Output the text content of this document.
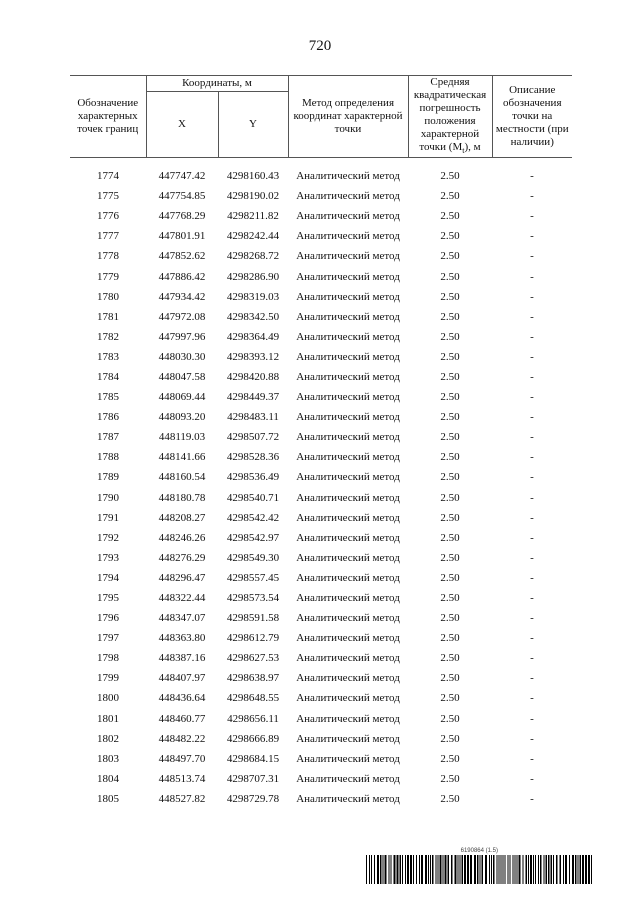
720
Обозначение характерных точек границ	Координаты, м		Метод определения координат характерной точки	Средняя квадратическая погрешность положения характерной точки $(M_t)$, м	Описание обозначения точки на местности (при наличии)
	X	Y			
1774	447747.42	4298160.43	Аналитический метод	2.50	-
1775	447754.85	4298190.02	Аналитический метод	2.50	-
1776	447768.29	4298211.82	Аналитический метод	2.50	-
1777	447801.91	4298242.44	Аналитический метод	2.50	-
1778	447852.62	4298268.72	Аналитический метод	2.50	-
1779	447886.42	4298286.90	Аналитический метод	2.50	-
1780	447934.42	4298319.03	Аналитический метод	2.50	-
1781	447972.08	4298342.50	Аналитический метод	2.50	-
1782	447997.96	4298364.49	Аналитический метод	2.50	-
1783	448030.30	4298393.12	Аналитический метод	2.50	-
1784	448047.58	4298420.88	Аналитический метод	2.50	-
1785	448069.44	4298449.37	Аналитический метод	2.50	-
1786	448093.20	4298483.11	Аналитический метод	2.50	-
1787	448119.03	4298507.72	Аналитический метод	2.50	-
1788	448141.66	4298528.36	Аналитический метод	2.50	-
1789	448160.54	4298536.49	Аналитический метод	2.50	-
1790	448180.78	4298540.71	Аналитический метод	2.50	-
1791	448208.27	4298542.42	Аналитический метод	2.50	-
1792	448246.26	4298542.97	Аналитический метод	2.50	-
1793	448276.29	4298549.30	Аналитический метод	2.50	-
1794	448296.47	4298557.45	Аналитический метод	2.50	-
1795	448322.44	4298573.54	Аналитический метод	2.50	-
1796	448347.07	4298591.58	Аналитический метод	2.50	-
1797	448363.80	4298612.79	Аналитический метод	2.50	-
1798	448387.16	4298627.53	Аналитический метод	2.50	-
1799	448407.97	4298638.97	Аналитический метод	2.50	-
1800	448436.64	4298648.55	Аналитический метод	2.50	-
1801	448460.77	4298656.11	Аналитический метод	2.50	-
1802	448482.22	4298666.89	Аналитический метод	2.50	-
1803	448497.70	4298684.15	Аналитический метод	2.50	-
1804	448513.74	4298707.31	Аналитический метод	2.50	-
1805	448527.82	4298729.78	Аналитический метод	2.50	-
6190864 (1.5)
